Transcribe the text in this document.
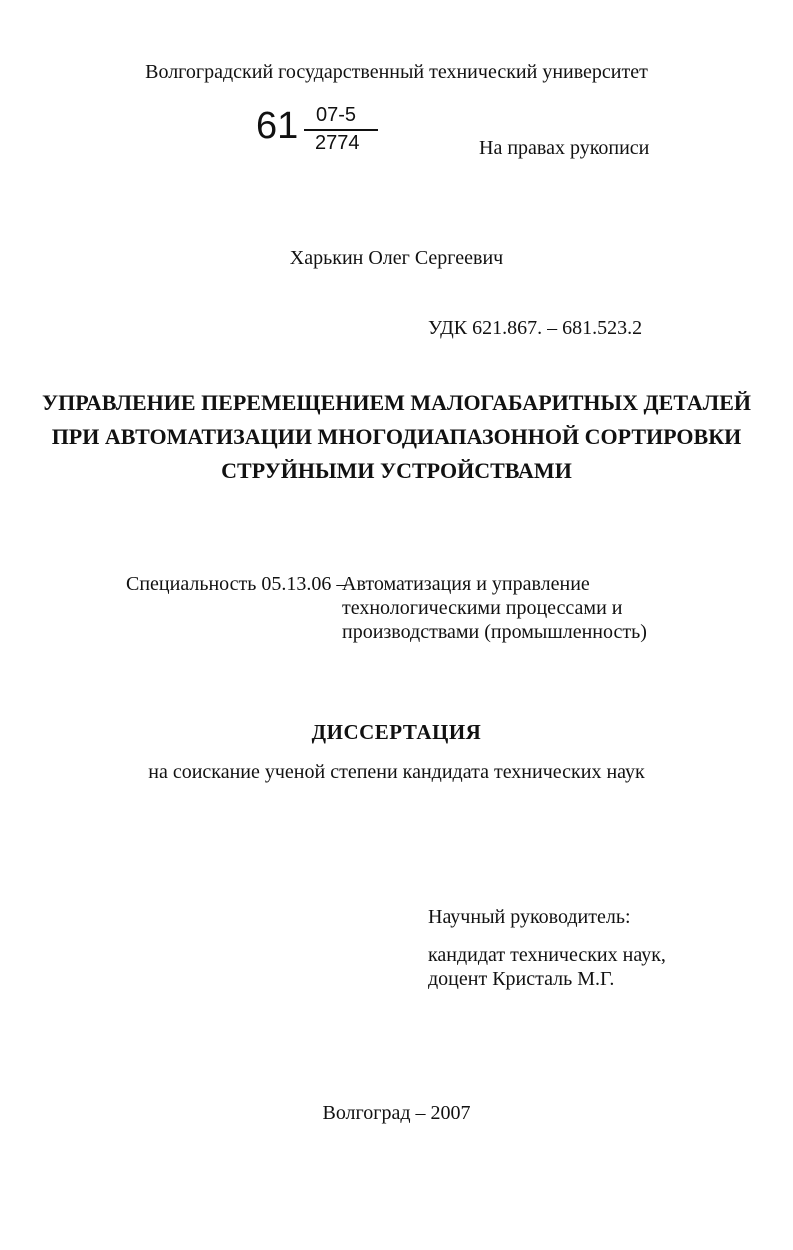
Волгоградский государственный технический университет
61 07-5
2774	На правах рукописи
Харькин Олег Сергеевич
УДК 621.867. – 681.523.2
УПРАВЛЕНИЕ ПЕРЕМЕЩЕНИЕМ МАЛОГАБАРИТНЫХ ДЕТАЛЕЙ
ПРИ АВТОМАТИЗАЦИИ МНОГОДИАПАЗОННОЙ СОРТИРОВКИ
СТРУЙНЫМИ УСТРОЙСТВАМИ
Специальность 05.13.06 –
Автоматизация и управление
технологическими процессами и
производствами (промышленность)
ДИССЕРТАЦИЯ
на соискание ученой степени кандидата технических наук
Научный руководитель:
кандидат технических наук,
доцент Кристаль М.Г.
Волгоград – 2007
